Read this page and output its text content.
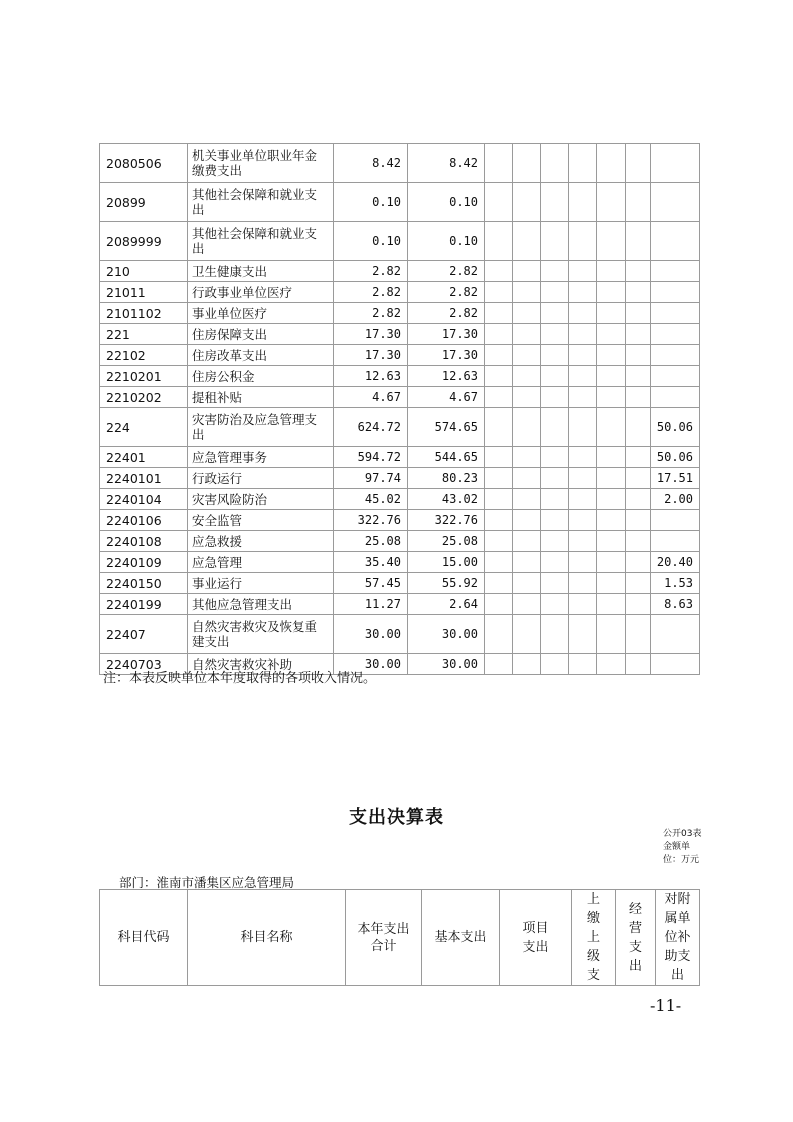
2080506	机关事业单位职业年金缴费支出	8.42	8.42							
20899	其他社会保障和就业支出	0.10	0.10							
2089999	其他社会保障和就业支出	0.10	0.10							
210	卫生健康支出	2.82	2.82							
21011	行政事业单位医疗	2.82	2.82							
2101102	事业单位医疗	2.82	2.82							
221	住房保障支出	17.30	17.30							
22102	住房改革支出	17.30	17.30							
2210201	住房公积金	12.63	12.63							
2210202	提租补贴	4.67	4.67							
224	灾害防治及应急管理支出	624.72	574.65							50.06
22401	应急管理事务	594.72	544.65							50.06
2240101	行政运行	97.74	80.23							17.51
2240104	灾害风险防治	45.02	43.02							2.00
2240106	安全监管	322.76	322.76							
2240108	应急救援	25.08	25.08							
2240109	应急管理	35.40	15.00							20.40
2240150	事业运行	57.45	55.92							1.53
2240199	其他应急管理支出	11.27	2.64							8.63
22407	自然灾害救灾及恢复重建支出	30.00	30.00							
2240703	自然灾害救灾补助	30.00	30.00							
注：本表反映单位本年度取得的各项收入情况。
支出决算表
公开03表金额单位：万元
部门：淮南市潘集区应急管理局
科目代码	科目名称	本年支出合计	基本支出	项目支出	上缴上级支	经营支出	对附属单位补助支出
-11-
